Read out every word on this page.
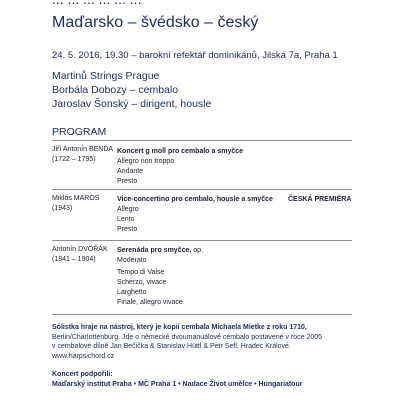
Maďarsko – švédsko – český
24. 5. 2016, 19.30 – barokní refektář dominikánů, Jilská 7a, Praha 1
Martinů Strings Prague
Borbála Dobozy – cembalo
Jaroslav Šonský – dirigent, housle
PROGRAM
Jiří Antonín BENDA
(1722 – 1795)
Koncert g moll pro cembalo a smyčce
Allegro non troppo
Andante
Presto
Miklós MAROS
(1943)
Vice-concertino pro cembalo, housle a smyčce ČESKÁ PREMIÉRA
Allegro
Lento
Presto
Antonín DVOŘÁK
(1841 – 1904)
Serenáda pro smyčce, op.
Moderato
Tempo di Valse
Scherzo, vivace
Larghetto
Finale, allegro vivace
Sólistka hraje na nástroj, který je kopií cembala Michaela Mietke z roku 1710,
Berlin/Charlottenburg. Jde o německé dvoumanuálové cembalo postavené v roce 2005
v cembalové dílně Jan Bečička & Stanislav Hüttl & Petr Šefl, Hradec Králové.
www.harpsichord.cz
Koncert podpořili:
Maďarský institut Praha • MČ Praha 1 • Nadace Život umělce • Hungariatour
